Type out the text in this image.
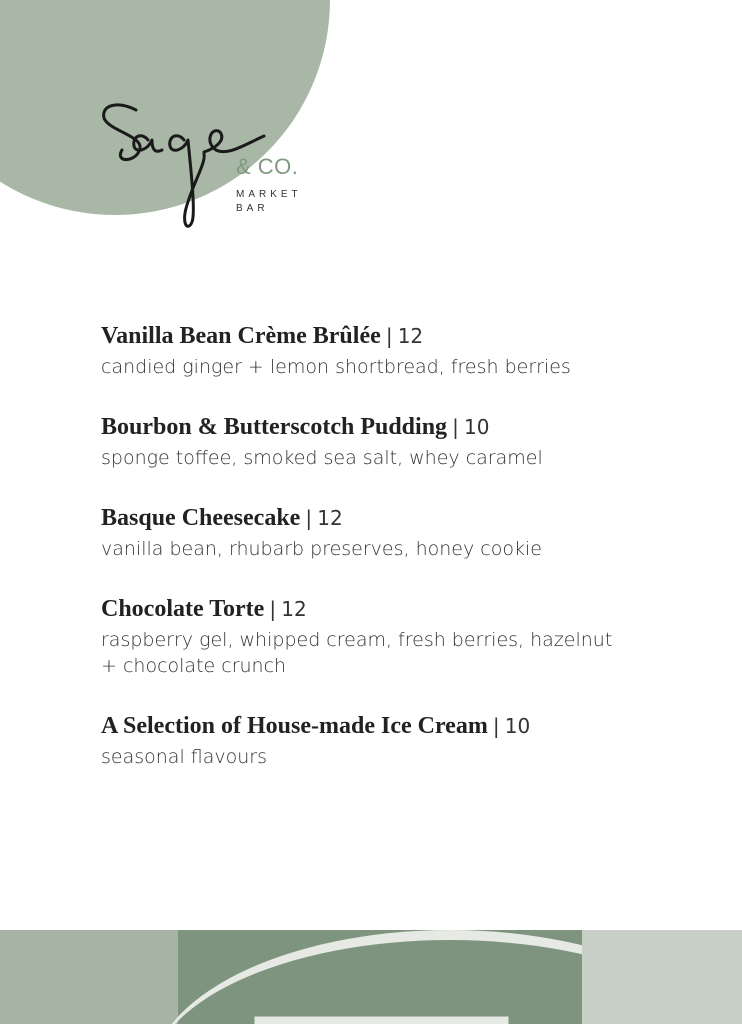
& CO.
MARKET
BAR
Vanilla Bean Crème Brûlée | 12
candied ginger + lemon shortbread, fresh berries
Bourbon & Butterscotch Pudding | 10
sponge toffee, smoked sea salt, whey caramel
Basque Cheesecake | 12
vanilla bean, rhubarb preserves, honey cookie
Chocolate Torte | 12
raspberry gel, whipped cream, fresh berries, hazelnut
+ chocolate crunch
A Selection of House-made Ice Cream | 10
seasonal flavours
